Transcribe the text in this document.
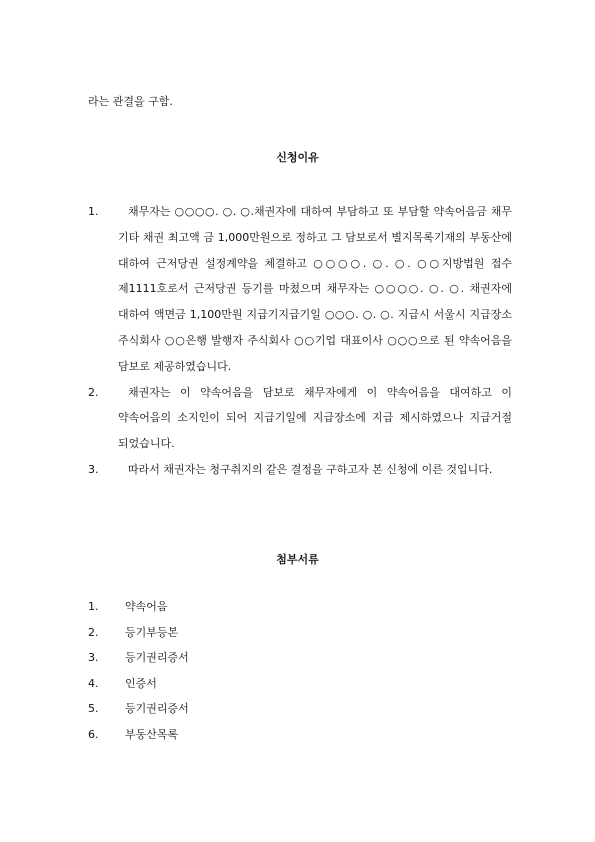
라는 관결을 구함.
신청이유
1.	채무자는 ○○○○. ○. ○.채권자에 대하여 부담하고 또 부담할 약속어음금 채무 기타 채권 최고액 금 1,000만원으로 정하고 그 담보로서 별지목록기재의 부동산에 대하여 근저당권 설정계약을 체결하고 ○○○○. ○. ○. ○○지방법원 접수 제1111호로서 근저당권 등기를 마쳤으며 채무자는 ○○○○. ○. ○. 채권자에 대하여 액면금 1,100만원 지급기지급기일 ○○○. ○. ○. 지급시 서울시 지급장소 주식회사 ○○은행 발행자 주식회사 ○○기업 대표이사 ○○○으로 된 약속어음을 담보로 제공하였습니다.
2.	채권자는 이 약속어음을 담보로 채무자에게 이 약속어음을 대여하고 이 약속어음의 소지인이 되어 지급기일에 지급장소에 지급 제시하였으나 지급거절 되었습니다.
3.	따라서 채권자는 청구취지의 같은 결정을 구하고자 본 신청에 이른 것입니다.
첨부서류
1. 약속어음
2. 등기부등본
3. 등기권리증서
4. 인증서
5. 등기권리증서
6. 부동산목록
